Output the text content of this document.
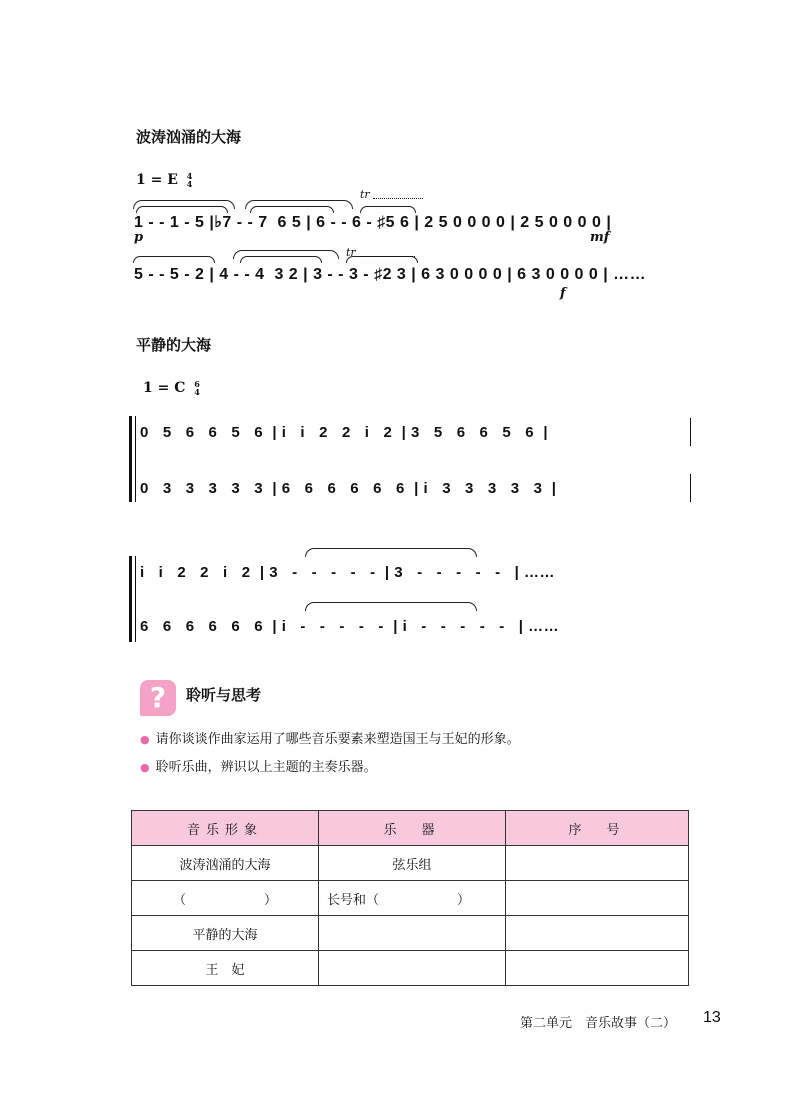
波涛汹涌的大海
1 = E 4
4
tr
1 - - 1 - 5 |♭7 - - 7  6 5 | 6 - - 6 - ♯5 6 | 2 5 0 0 0 0 | 2 5 0 0 0 0 |
p	mf
tr
5 - - 5 - 2 | 4 - - 4  3 2 | 3 - - 3 - ♯2 3 | 6 3 0 0 0 0 | 6 3 0 0 0 0 | ……
f
平静的大海
1 = C 6
4
0   5   6   6   5   6  | i   i   2   2   i   2  | 3   5   6   6   5   6  |
0   3   3   3   3   3  | 6   6   6   6   6   6  | i   3   3   3   3   3  |
i   i   2   2   i   2  | 3   -   -   -   -   -  | 3   -   -   -   -   -   | ……
6   6   6   6   6   6  | i   -   -   -   -   -  | i   -   -   -   -   -   | ……
?	聆听与思考
● 请你谈谈作曲家运用了哪些音乐要素来塑造国王与王妃的形象。
● 聆听乐曲，辨识以上主题的主奏乐器。
音乐形象	乐　器	序　号
波涛汹涌的大海	弦乐组	
（　　　　　　）	长号和（　　　　　　）	
平静的大海		
王　妃		
第二单元　音乐故事（二） 13
